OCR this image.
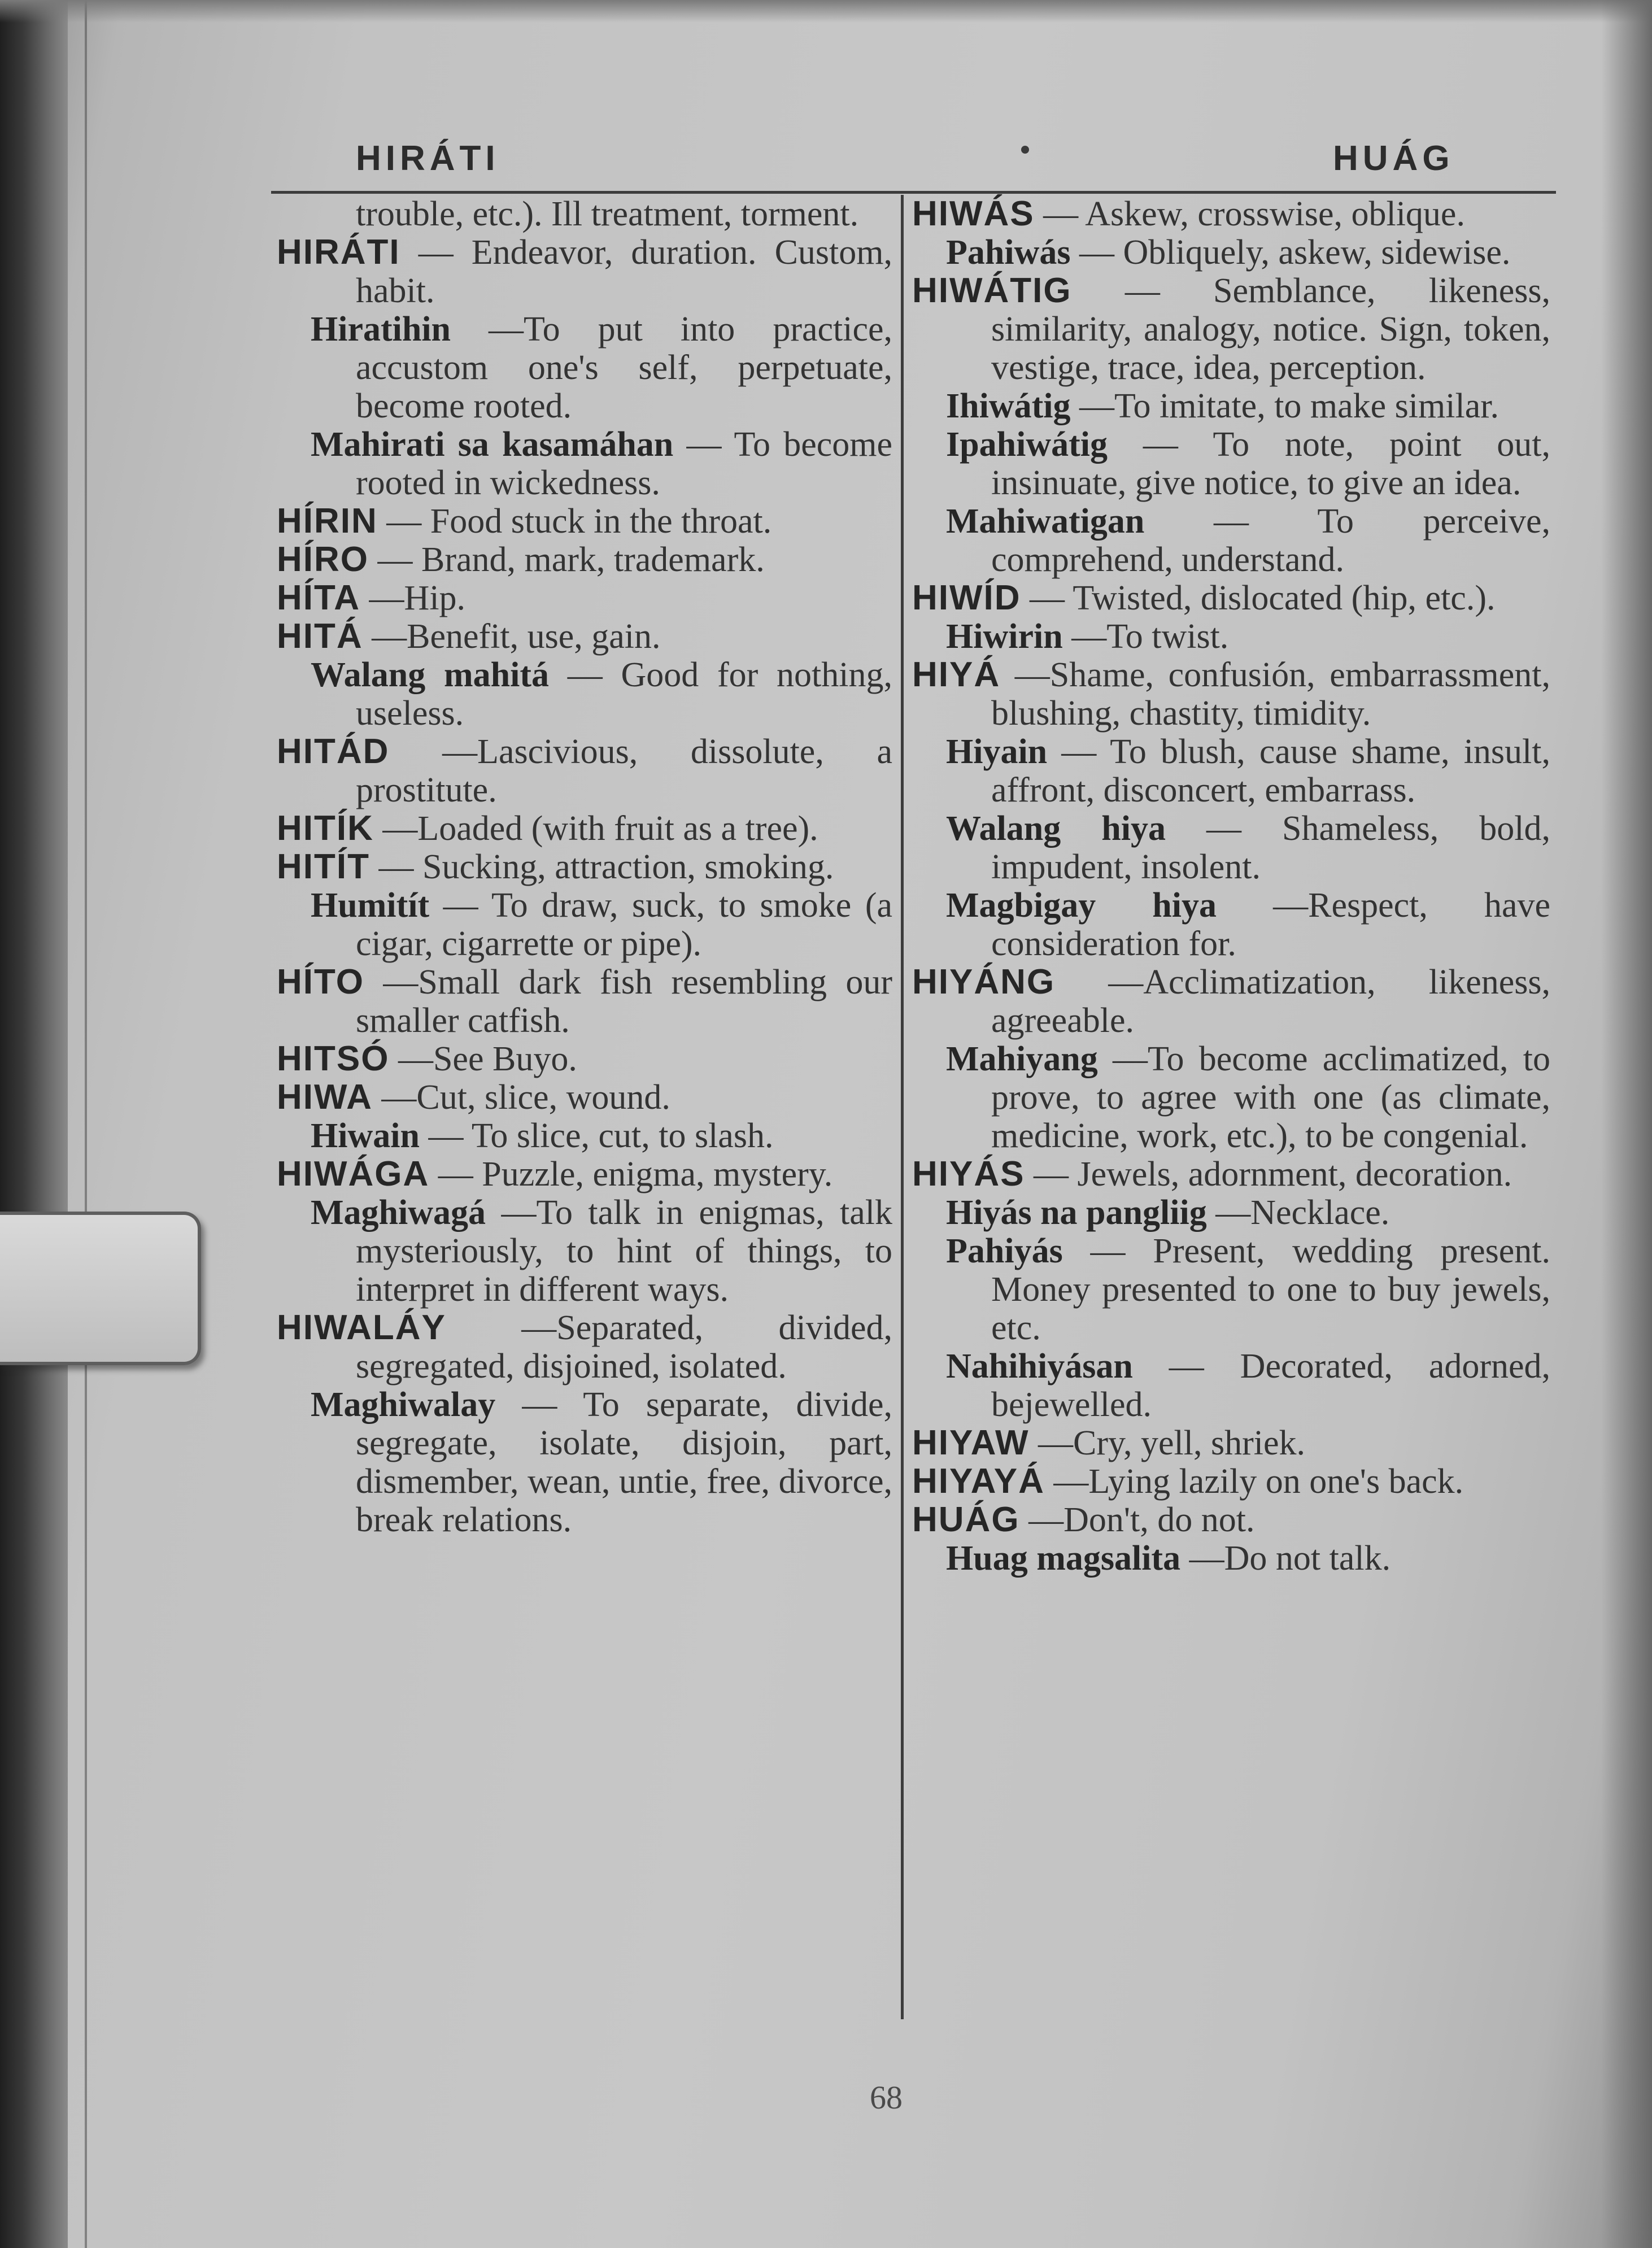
HIRÁTI	HUÁG

trouble, etc.). Ill treatment, torment.

HIRÁTI — Endeavor, duration. Custom, habit.

Hiratihin —To put into practice, accustom one's self, perpetuate, become rooted.

Mahirati sa kasamáhan — To become rooted in wickedness.

HÍRIN — Food stuck in the throat.

HÍRO — Brand, mark, trademark.

HÍTA —Hip.

HITÁ —Benefit, use, gain.

Walang mahitá — Good for nothing, useless.

HITÁD —Lascivious, dissolute, a prostitute.

HITÍK —Loaded (with fruit as a tree).

HITÍT — Sucking, attraction, smoking.

Humitít — To draw, suck, to smoke (a cigar, cigarrette or pipe).

HÍTO —Small dark fish resembling our smaller catfish.

HITSÓ —See Buyo.

HIWA —Cut, slice, wound.

Hiwain — To slice, cut, to slash.

HIWÁGA — Puzzle, enigma, mystery.

Maghiwagá —To talk in enigmas, talk mysteriously, to hint of things, to interpret in different ways.

HIWALÁY —Separated, divided, segregated, disjoined, isolated.

Maghiwalay — To separate, divide, segregate, isolate, disjoin, part, dismember, wean, untie, free, divorce, break relations.

HIWÁS — Askew, crosswise, oblique.

Pahiwás — Obliquely, askew, sidewise.

HIWÁTIG — Semblance, likeness, similarity, analogy, notice. Sign, token, vestige, trace, idea, perception.

Ihiwátig —To imitate, to make similar.

Ipahiwátig — To note, point out, insinuate, give notice, to give an idea.

Mahiwatigan — To perceive, comprehend, understand.

HIWÍD — Twisted, dislocated (hip, etc.).

Hiwirin —To twist.

HIYÁ —Shame, confusión, embarrassment, blushing, chastity, timidity.

Hiyain — To blush, cause shame, insult, affront, disconcert, embarrass.

Walang hiya — Shameless, bold, impudent, insolent.

Magbigay hiya —Respect, have consideration for.

HIYÁNG —Acclimatization, likeness, agreeable.

Mahiyang —To become acclimatized, to prove, to agree with one (as climate, medicine, work, etc.), to be congenial.

HIYÁS — Jewels, adornment, decoration.

Hiyás na pangliig —Necklace.

Pahiyás — Present, wedding present. Money presented to one to buy jewels, etc.

Nahihiyásan — Decorated, adorned, bejewelled.

HIYAW —Cry, yell, shriek.

HIYAYÁ —Lying lazily on one's back.

HUÁG —Don't, do not.

Huag magsalita —Do not talk.

68
